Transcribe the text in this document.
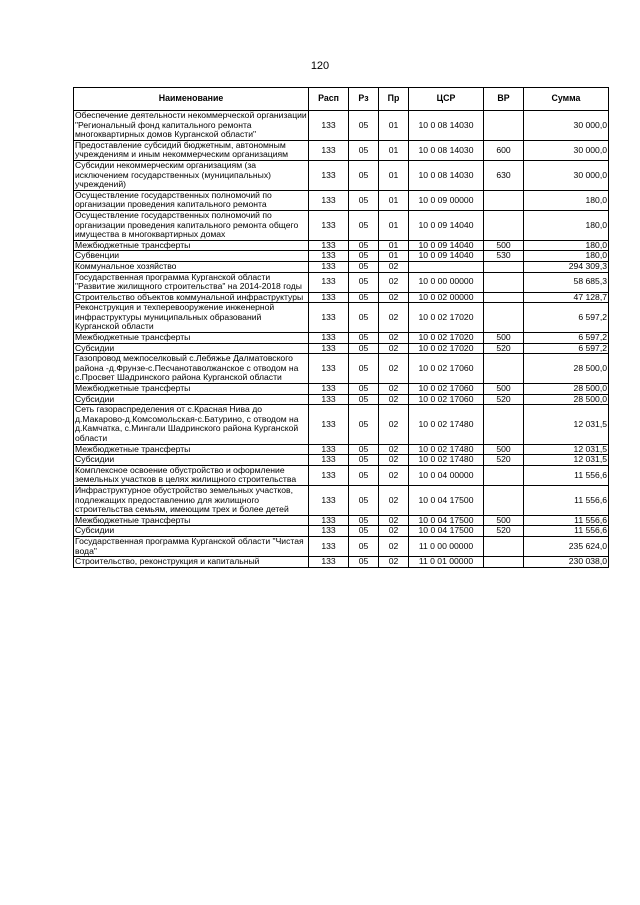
120
Наименование	Расп	Рз	Пр	ЦСР	ВР	Сумма
Обеспечение деятельности некоммерческой организации "Региональный фонд капитального ремонта многоквартирных домов Курганской области"	133	05	01	10 0 08 14030		30 000,0
Предоставление субсидий бюджетным, автономным учреждениям и иным некоммерческим организациям	133	05	01	10 0 08 14030	600	30 000,0
Субсидии некоммерческим организациям (за исключением государственных (муниципальных) учреждений)	133	05	01	10 0 08 14030	630	30 000,0
Осуществление государственных полномочий по организации проведения капитального ремонта	133	05	01	10 0 09 00000		180,0
Осуществление государственных полномочий по организации проведения капитального ремонта общего имущества в многоквартирных домах	133	05	01	10 0 09 14040		180,0
Межбюджетные трансферты	133	05	01	10 0 09 14040	500	180,0
Субвенции	133	05	01	10 0 09 14040	530	180,0
Коммунальное хозяйство	133	05	02			294 309,3
Государственная программа Курганской области "Развитие жилищного строительства" на 2014-2018 годы	133	05	02	10 0 00 00000		58 685,3
Строительство объектов коммунальной инфраструктуры	133	05	02	10 0 02 00000		47 128,7
Реконструкция и техперевооружение инженерной инфраструктуры муниципальных образований Курганской области	133	05	02	10 0 02 17020		6 597,2
Межбюджетные трансферты	133	05	02	10 0 02 17020	500	6 597,2
Субсидии	133	05	02	10 0 02 17020	520	6 597,2
Газопровод межпоселковый с.Лебяжье Далматовского района -д.Фрунзе-с.Песчанотаволжанское с отводом на с.Просвет Шадринского района Курганской области	133	05	02	10 0 02 17060		28 500,0
Межбюджетные трансферты	133	05	02	10 0 02 17060	500	28 500,0
Субсидии	133	05	02	10 0 02 17060	520	28 500,0
Сеть газораспределения от с.Красная Нива до д.Макарово-д.Комсомольская-с.Батурино, с отводом на д.Камчатка, с.Мингали Шадринского района Курганской области	133	05	02	10 0 02 17480		12 031,5
Межбюджетные трансферты	133	05	02	10 0 02 17480	500	12 031,5
Субсидии	133	05	02	10 0 02 17480	520	12 031,5
Комплексное освоение обустройство и оформление земельных участков в целях жилищного строительства	133	05	02	10 0 04 00000		11 556,6
Инфраструктурное обустройство земельных участков, подлежащих предоставлению для жилищного строительства семьям, имеющим трех и более детей	133	05	02	10 0 04 17500		11 556,6
Межбюджетные трансферты	133	05	02	10 0 04 17500	500	11 556,6
Субсидии	133	05	02	10 0 04 17500	520	11 556,6
Государственная программа Курганской области "Чистая вода"	133	05	02	11 0 00 00000		235 624,0
Строительство, реконструкция и капитальный	133	05	02	11 0 01 00000		230 038,0
